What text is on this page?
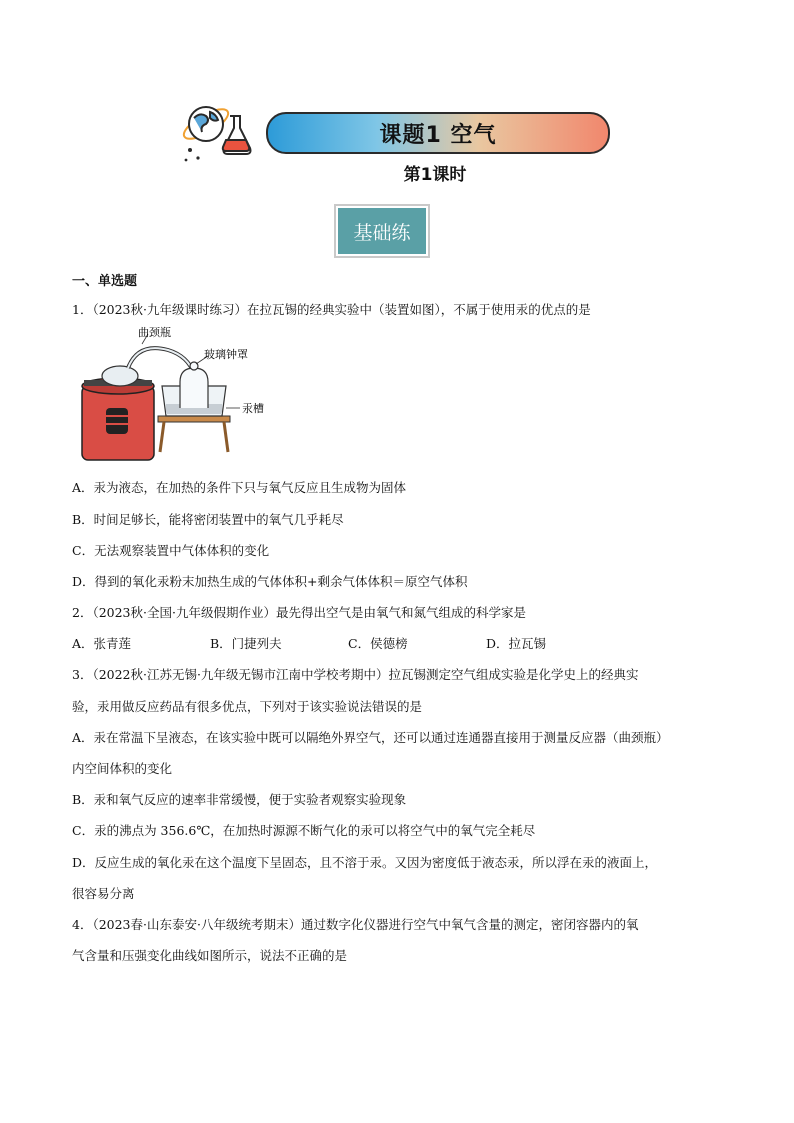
课题1 空气
第1课时
基础练
一、单选题
1．（2023秋·九年级课时练习）在拉瓦锡的经典实验中（装置如图），不属于使用汞的优点的是
曲颈瓶
玻璃钟罩
汞槽
A．汞为液态，在加热的条件下只与氧气反应且生成物为固体
B．时间足够长，能将密闭装置中的氧气几乎耗尽
C．无法观察装置中气体体积的变化
D．得到的氧化汞粉末加热生成的气体体积+剩余气体体积＝原空气体积
2．（2023秋·全国·九年级假期作业）最先得出空气是由氧气和氮气组成的科学家是
A．张青莲	B．门捷列夫	C．侯德榜	D．拉瓦锡
3．（2022秋·江苏无锡·九年级无锡市江南中学校考期中）拉瓦锡测定空气组成实验是化学史上的经典实
验，汞用做反应药品有很多优点，下列对于该实验说法错误的是
A．汞在常温下呈液态，在该实验中既可以隔绝外界空气，还可以通过连通器直接用于测量反应器（曲颈瓶）
内空间体积的变化
B．汞和氧气反应的速率非常缓慢，便于实验者观察实验现象
C．汞的沸点为 356.6℃，在加热时源源不断气化的汞可以将空气中的氧气完全耗尽
D．反应生成的氧化汞在这个温度下呈固态，且不溶于汞。又因为密度低于液态汞，所以浮在汞的液面上，
很容易分离
4．（2023春·山东泰安·八年级统考期末）通过数字化仪器进行空气中氧气含量的测定，密闭容器内的氧
气含量和压强变化曲线如图所示，说法不正确的是
